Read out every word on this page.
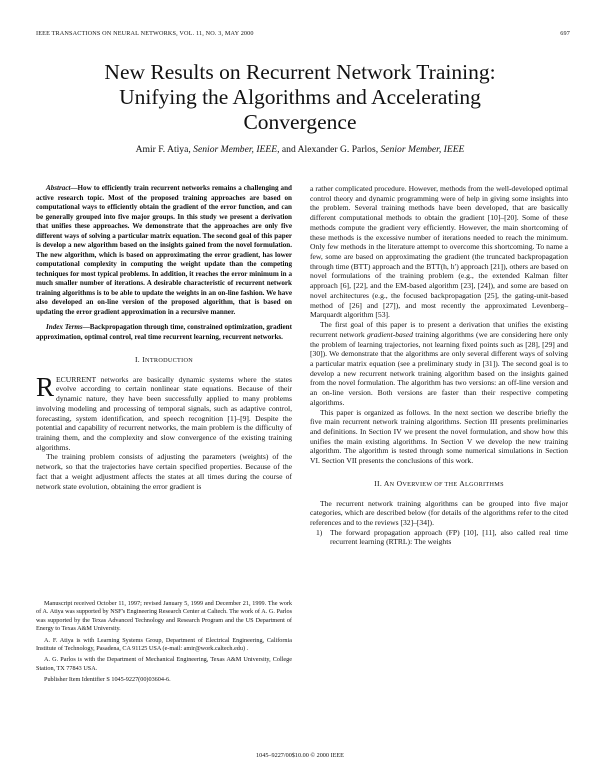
IEEE TRANSACTIONS ON NEURAL NETWORKS, VOL. 11, NO. 3, MAY 2000	697
New Results on Recurrent Network Training:
Unifying the Algorithms and Accelerating
Convergence
Amir F. Atiya, Senior Member, IEEE, and Alexander G. Parlos, Senior Member, IEEE

Abstract—How to efficiently train recurrent networks remains a challenging and active research topic. Most of the proposed training approaches are based on computational ways to efficiently obtain the gradient of the error function, and can be generally grouped into five major groups. In this study we present a derivation that unifies these approaches. We demonstrate that the approaches are only five different ways of solving a particular matrix equation. The second goal of this paper is develop a new algorithm based on the insights gained from the novel formulation. The new algorithm, which is based on approximating the error gradient, has lower computational complexity in computing the weight update than the competing techniques for most typical problems. In addition, it reaches the error minimum in a much smaller number of iterations. A desirable characteristic of recurrent network training algorithms is to be able to update the weights in an on-line fashion. We have also developed an on-line version of the proposed algorithm, that is based on updating the error gradient approximation in a recursive manner.

Index Terms—Backpropagation through time, constrained optimization, gradient approximation, optimal control, real time recurrent learning, recurrent networks.

I. INTRODUCTION

RECURRENT networks are basically dynamic systems where the states evolve according to certain nonlinear state equations. Because of their dynamic nature, they have been successfully applied to many problems involving modeling and processing of temporal signals, such as adaptive control, forecasting, system identification, and speech recognition [1]–[9]. Despite the potential and capability of recurrent networks, the main problem is the difficulty of training them, and the complexity and slow convergence of the existing training algorithms.

The training problem consists of adjusting the parameters (weights) of the network, so that the trajectories have certain specified properties. Because of the fact that a weight adjustment affects the states at all times during the course of network state evolution, obtaining the error gradient is

Manuscript received October 11, 1997; revised January 5, 1999 and December 21, 1999. The work of A. Atiya was supported by NSF's Engineering Research Center at Caltech. The work of A. G. Parlos was supported by the Texas Advanced Technology and Research Program and the US Department of Energy to Texas A&M University.

A. F. Atiya is with Learning Systems Group, Department of Electrical Engineering, California Institute of Technology, Pasadena, CA 91125 USA (e-mail: amir@work.caltech.edu) .

A. G. Parlos is with the Department of Mechanical Engineering, Texas A&M University, College Station, TX 77843 USA.

Publisher Item Identifier S 1045-9227(00)03604-6.

a rather complicated procedure. However, methods from the well-developed optimal control theory and dynamic programming were of help in giving some insights into the problem. Several training methods have been developed, that are basically different computational methods to obtain the gradient [10]–[20]. Some of these methods compute the gradient very efficiently. However, the main shortcoming of these methods is the excessive number of iterations needed to reach the minimum. Only few methods in the literature attempt to overcome this shortcoming. To name a few, some are based on approximating the gradient (the truncated backpropagation through time (BTT) approach and the BTT(h, h′) approach [21]), others are based on novel formulations of the training problem (e.g., the extended Kalman filter approach [6], [22], and the EM-based algorithm [23], [24]), and some are based on novel architectures (e.g., the focused backpropagation [25], the gating-unit-based method of [26] and [27]), and most recently the approximated Levenberg–Marquardt algorithm [53].

The first goal of this paper is to present a derivation that unifies the existing recurrent network gradient-based training algorithms (we are considering here only the problem of learning trajectories, not learning fixed points such as [28], [29] and [30]). We demonstrate that the algorithms are only several different ways of solving a particular matrix equation (see a preliminary study in [31]). The second goal is to develop a new recurrent network training algorithm based on the insights gained from the novel formulation. The algorithm has two versions: an off-line version and an on-line version. Both versions are faster than their respective competing algorithms.

This paper is organized as follows. In the next section we describe briefly the five main recurrent network training algorithms. Section III presents preliminaries and definitions. In Section IV we present the novel formulation, and show how this unifies the main existing algorithms. In Section V we develop the new training algorithm. The algorithm is tested through some numerical simulations in Section VI. Section VII presents the conclusions of this work.

II. AN OVERVIEW OF THE ALGORITHMS

The recurrent network training algorithms can be grouped into five major categories, which are described below (for details of the algorithms refer to the cited references and to the reviews [32]–[34]).

1) The forward propagation approach (FP) [10], [11], also called real time recurrent learning (RTRL): The weights

1045–9227/00$10.00 © 2000 IEEE
